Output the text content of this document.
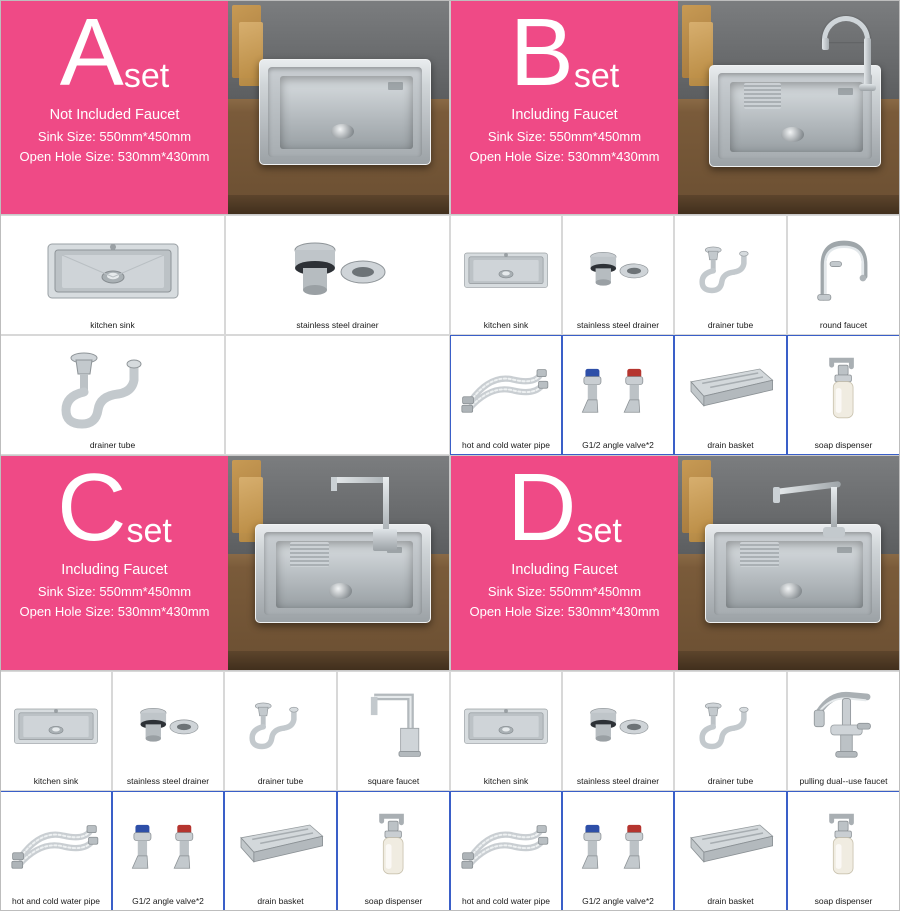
A set
Not Included Faucet
Sink Size: 550mm*450mm
Open Hole Size: 530mm*430mm
kitchen sink	stainless steel drainer
drainer tube
B set
Including Faucet
Sink Size: 550mm*450mm
Open Hole Size: 530mm*430mm
kitchen sink	stainless steel drainer	drainer tube	round faucet
hot and cold water pipe	G1/2 angle valve*2	drain basket	soap dispenser
C set
Including Faucet
Sink Size: 550mm*450mm
Open Hole Size: 530mm*430mm
kitchen sink	stainless steel drainer	drainer tube	square faucet
hot and cold water pipe	G1/2 angle valve*2	drain basket	soap dispenser
D set
Including Faucet
Sink Size: 550mm*450mm
Open Hole Size: 530mm*430mm
kitchen sink	stainless steel drainer	drainer tube	pulling dual--use faucet
hot and cold water pipe	G1/2 angle valve*2	drain basket	soap dispenser
